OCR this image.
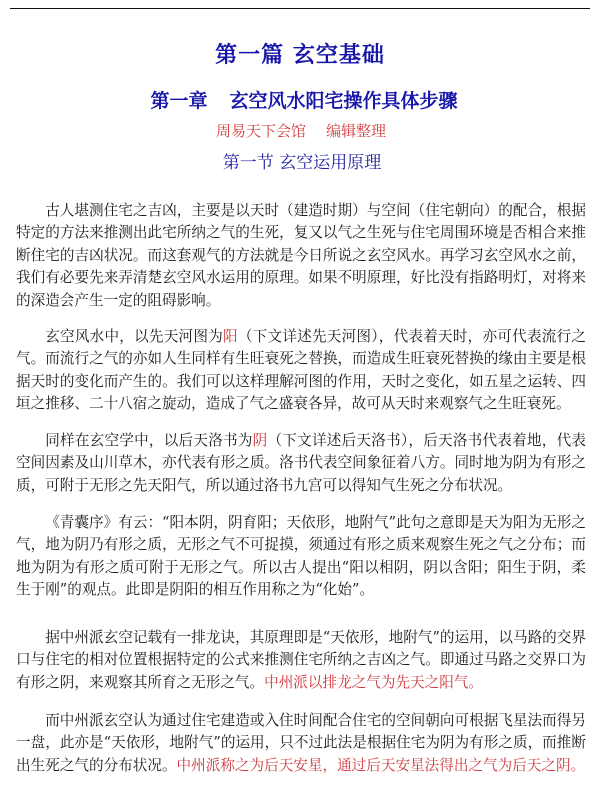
第一篇 玄空基础
第一章 玄空风水阳宅操作具体步骤
周易天下会馆 编辑整理
第一节 玄空运用原理

古人堪测住宅之吉凶，主要是以天时（建造时期）与空间（住宅朝向）的配合，根据特定的方法来推测出此宅所纳之气的生死，复又以气之生死与住宅周围环境是否相合来推断住宅的吉凶状况。而这套观气的方法就是今日所说之玄空风水。再学习玄空风水之前，我们有必要先来弄清楚玄空风水运用的原理。如果不明原理，好比没有指路明灯，对将来的深造会产生一定的阻碍影响。

玄空风水中，以先天河图为阳（下文详述先天河图），代表着天时，亦可代表流行之气。而流行之气的亦如人生同样有生旺衰死之替换，而造成生旺衰死替换的缘由主要是根据天时的变化而产生的。我们可以这样理解河图的作用，天时之变化，如五星之运转、四垣之推移、二十八宿之旋动，造成了气之盛衰各异，故可从天时来观察气之生旺衰死。

同样在玄空学中，以后天洛书为阴（下文详述后天洛书），后天洛书代表着地，代表空间因素及山川草木，亦代表有形之质。洛书代表空间象征着八方。同时地为阴为有形之质，可附于无形之先天阳气，所以通过洛书九宫可以得知气生死之分布状况。

《青囊序》有云：“阳本阴，阴育阳；天依形，地附气”此句之意即是天为阳为无形之气，地为阴乃有形之质，无形之气不可捉摸，须通过有形之质来观察生死之气之分布；而地为阴为有形之质可附于无形之气。所以古人提出“阳以相阴，阴以含阳；阳生于阴，柔生于刚”的观点。此即是阴阳的相互作用称之为“化始”。

据中州派玄空记载有一排龙诀，其原理即是“天依形，地附气”的运用，以马路的交界口与住宅的相对位置根据特定的公式来推测住宅所纳之吉凶之气。即通过马路之交界口为有形之阴，来观察其所育之无形之气。中州派以排龙之气为先天之阳气。

而中州派玄空认为通过住宅建造或入住时间配合住宅的空间朝向可根据飞星法而得另一盘，此亦是“天依形，地附气”的运用，只不过此法是根据住宅为阴为有形之质，而推断出生死之气的分布状况。中州派称之为后天安星，通过后天安星法得出之气为后天之阴。
